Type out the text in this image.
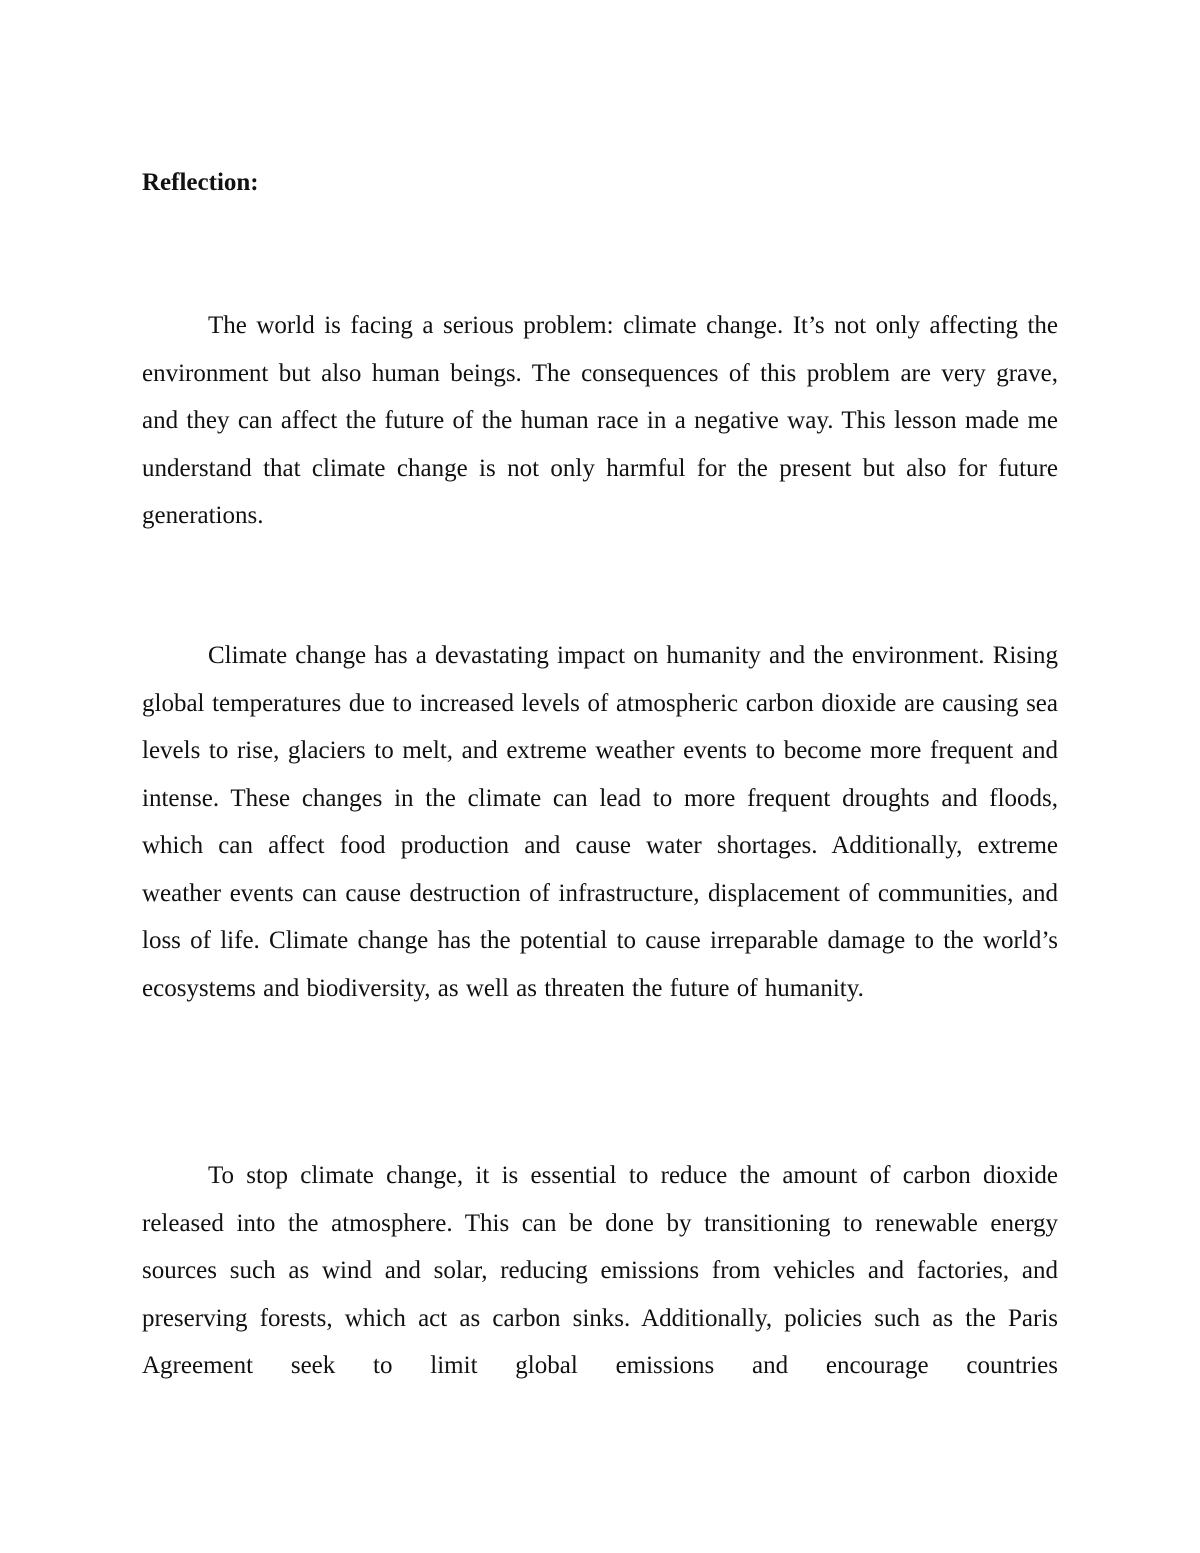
Reflection:

The world is facing a serious problem: climate change. It’s not only affecting the environment but also human beings. The consequences of this problem are very grave, and they can affect the future of the human race in a negative way. This lesson made me understand that climate change is not only harmful for the present but also for future generations.

Climate change has a devastating impact on humanity and the environment. Rising global temperatures due to increased levels of atmospheric carbon dioxide are causing sea levels to rise, glaciers to melt, and extreme weather events to become more frequent and intense. These changes in the climate can lead to more frequent droughts and floods, which can affect food production and cause water shortages. Additionally, extreme weather events can cause destruction of infrastructure, displacement of communities, and loss of life. Climate change has the potential to cause irreparable damage to the world’s ecosystems and biodiversity, as well as threaten the future of humanity.

To stop climate change, it is essential to reduce the amount of carbon dioxide released into the atmosphere. This can be done by transitioning to renewable energy sources such as wind and solar, reducing emissions from vehicles and factories, and preserving forests, which act as carbon sinks. Additionally, policies such as the Paris Agreement seek to limit global emissions and encourage countries
